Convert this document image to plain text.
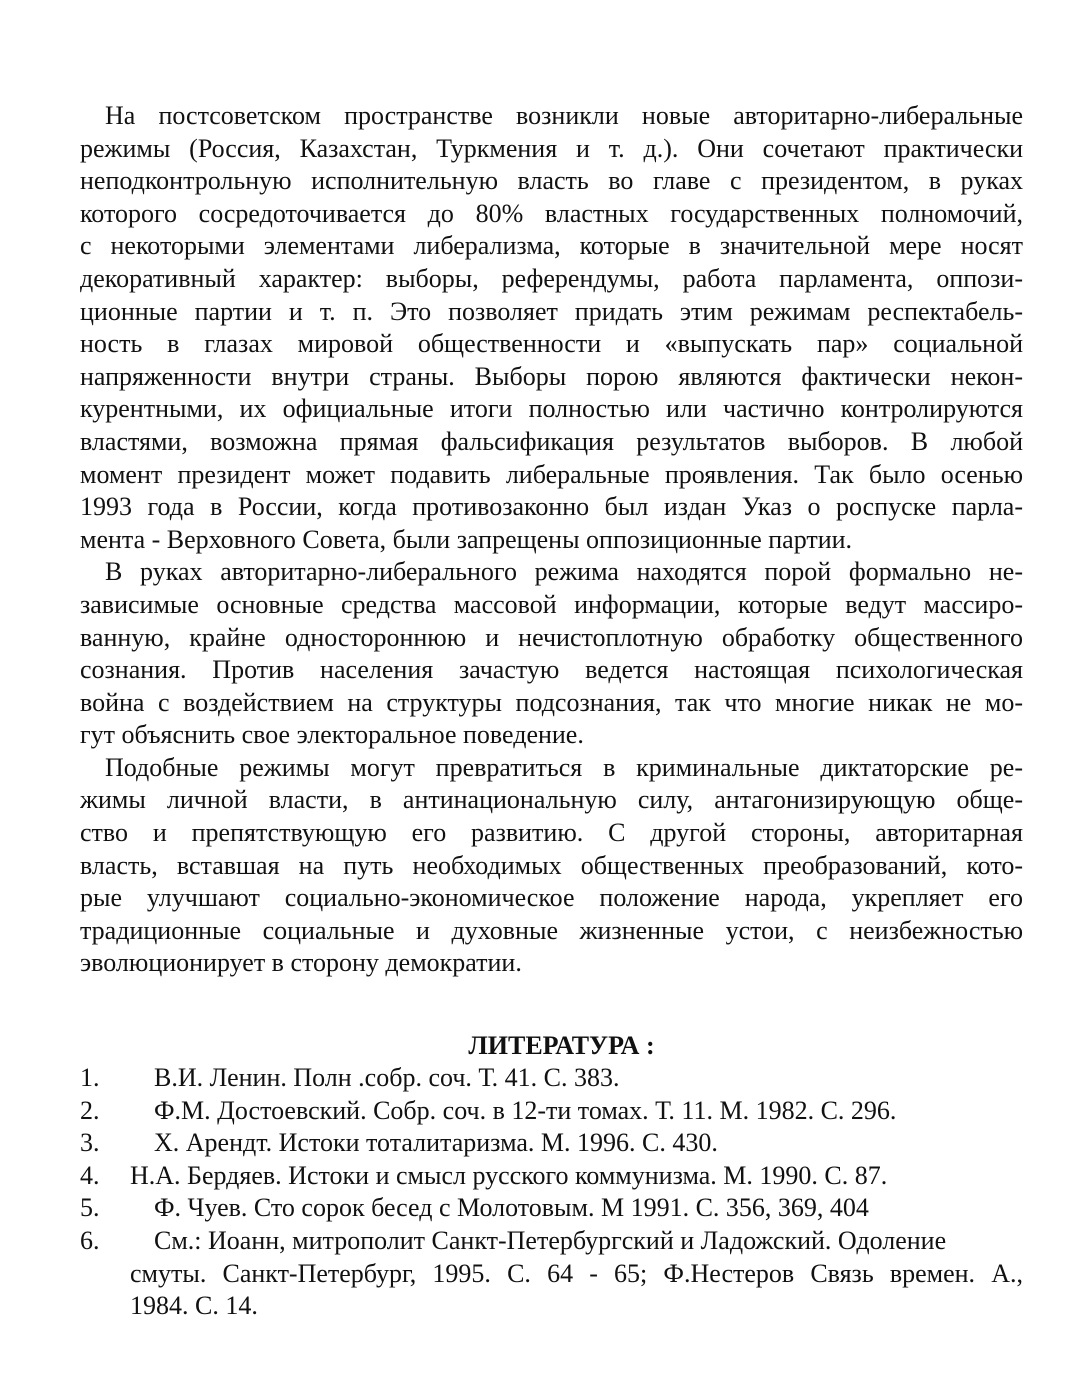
На постсоветском пространстве возникли новые авторитарно-либеральные
режимы (Россия, Казахстан, Туркмения и т. д.). Они сочетают практически
неподконтрольную исполнительную власть во главе с президентом, в руках
которого сосредоточивается до 80% властных государственных полномочий,
с некоторыми элементами либерализма, которые в значительной мере носят
декоративный характер: выборы, референдумы, работа парламента, оппози-
ционные партии и т. п. Это позволяет придать этим режимам респектабель-
ность в глазах мировой общественности и «выпускать пар» социальной
напряженности внутри страны. Выборы порою являются фактически некон-
курентными, их официальные итоги полностью или частично контролируются
властями, возможна прямая фальсификация результатов выборов. В любой
момент президент может подавить либеральные проявления. Так было осенью
1993 года в России, когда противозаконно был издан Указ о роспуске парла-
мента - Верховного Совета, были запрещены оппозиционные партии.
В руках авторитарно-либерального режима находятся порой формально не-
зависимые основные средства массовой информации, которые ведут массиро-
ванную, крайне одностороннюю и нечистоплотную обработку общественного
сознания. Против населения зачастую ведется настоящая психологическая
война с воздействием на структуры подсознания, так что многие никак не мо-
гут объяснить свое электоральное поведение.
Подобные режимы могут превратиться в криминальные диктаторские ре-
жимы личной власти, в антинациональную силу, антагонизирующую обще-
ство и препятствующую его развитию. С другой стороны, авторитарная
власть, вставшая на путь необходимых общественных преобразований, кото-
рые улучшают социально-экономическое положение народа, укрепляет его
традиционные социальные и духовные жизненные устои, с неизбежностью
эволюционирует в сторону демократии.
ЛИТЕРАТУРА :
1.	В.И. Ленин. Полн .собр. соч. Т. 41. С. 383.
2.	Ф.М. Достоевский. Собр. соч. в 12-ти томах. Т. 11. М. 1982. С. 296.
3.	Х. Арендт. Истоки тоталитаризма. М. 1996. С. 430.
4.	Н.А. Бердяев. Истоки и смысл русского коммунизма. М. 1990. С. 87.
5.	Ф. Чуев. Сто сорок бесед с Молотовым. М 1991. С. 356, 369, 404
6.	См.: Иоанн, митрополит Санкт-Петербургский и Ладожский. Одоление
смуты. Санкт-Петербург, 1995. С. 64 - 65; Ф.Нестеров Связь времен. А.,
1984. С. 14.
